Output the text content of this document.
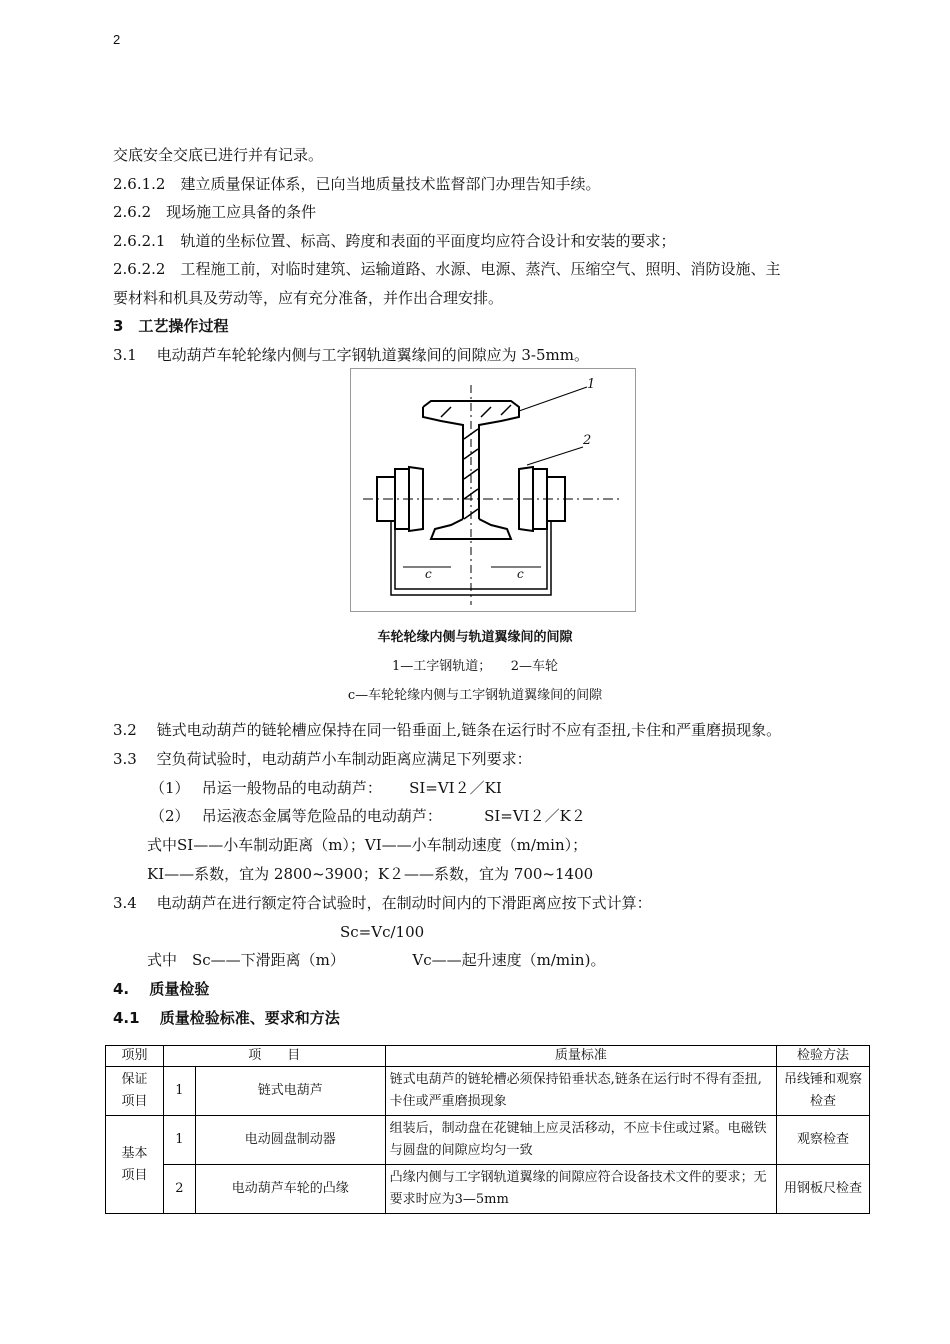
2
交底安全交底已进行并有记录。
2.6.1.2　建立质量保证体系，已向当地质量技术监督部门办理告知手续。
2.6.2　现场施工应具备的条件
2.6.2.1　轨道的坐标位置、标高、跨度和表面的平面度均应符合设计和安装的要求；
2.6.2.2　工程施工前，对临时建筑、运输道路、水源、电源、蒸汽、压缩空气、照明、消防设施、主
要材料和机具及劳动等，应有充分准备，并作出合理安排。
3　工艺操作过程
3.1　 电动葫芦车轮轮缘内侧与工字钢轨道翼缘间的间隙应为 3-5mm。
1
2
c	c
车轮轮缘内侧与轨道翼缘间的间隙
1—工字钢轨道；　　2—车轮
c—车轮轮缘内侧与工字钢轨道翼缘间的间隙
3.2　 链式电动葫芦的链轮槽应保持在同一铅垂面上,链条在运行时不应有歪扭,卡住和严重磨损现象。
3.3　 空负荷试验时，电动葫芦小车制动距离应满足下列要求：
（1）　 吊运一般物品的电动葫芦：　　 SⅠ=VⅠ２／KⅠ
（2）　 吊运液态金属等危险品的电动葫芦：　　　 SⅠ=VⅠ２／K２
式中SⅠ——小车制动距离（m）；VⅠ——小车制动速度（m/min）；
KⅠ——系数，宜为 2800~3900；K２——系数，宜为 700~1400
3.4　 电动葫芦在进行额定符合试验时，在制动时间内的下滑距离应按下式计算：
Sc=Vc/100
式中　Sc——下滑距离（m）　　　　　Vc——起升速度（m/min)。
4.　 质量检验
4.1　 质量检验标准、要求和方法
项别	项　　目		质量标准	检验方法
保证
项目	1	链式电葫芦	链式电葫芦的链轮槽必须保持铅垂状态,链条在运行时不得有歪扭,卡住或严重磨损现象	吊线锤和观察检查
基本
项目	1	电动圆盘制动器	组装后，制动盘在花键轴上应灵活移动，不应卡住或过紧。电磁铁与圆盘的间隙应均匀一致	观察检查
	2	电动葫芦车轮的凸缘	凸缘内侧与工字钢轨道翼缘的间隙应符合设备技术文件的要求；无要求时应为3—5mm	用钢板尺检查
